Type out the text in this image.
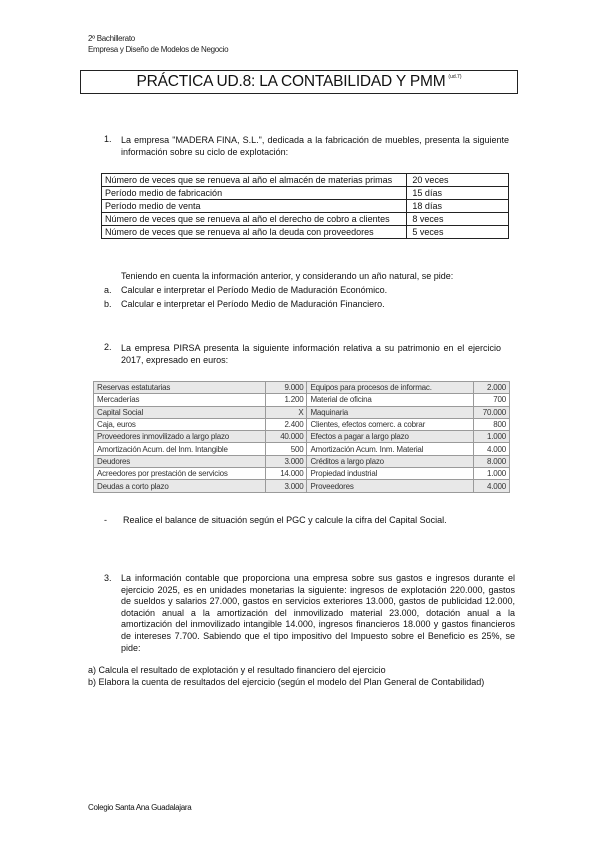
2º Bachillerato
Empresa y Diseño de Modelos de Negocio
PRÁCTICA UD.8: LA CONTABILIDAD Y PMM $^{(ud.7)}$
1. La empresa "MADERA FINA, S.L.", dedicada a la fabricación de muebles, presenta la siguiente información sobre su ciclo de explotación:
Número de veces que se renueva al año el almacén de materias primas	20 veces
Período medio de fabricación	15 días
Período medio de venta	18 días
Número de veces que se renueva al año el derecho de cobro a clientes	8 veces
Número de veces que se renueva al año la deuda con proveedores	5 veces
Teniendo en cuenta la información anterior, y considerando un año natural, se pide:
a. Calcular e interpretar el Período Medio de Maduración Económico.
b. Calcular e interpretar el Período Medio de Maduración Financiero.
2. La empresa PIRSA presenta la siguiente información relativa a su patrimonio en el ejercicio 2017, expresado en euros:
Reservas estatutarias	9.000	Equipos para procesos de informac.	2.000
Mercaderías	1.200	Material de oficina	700
Capital Social	X	Maquinaria	70.000
Caja, euros	2.400	Clientes, efectos comerc. a cobrar	800
Proveedores inmovilizado a largo plazo	40.000	Efectos a pagar a largo plazo	1.000
Amortización Acum. del Inm. Intangible	500	Amortización Acum. Inm. Material	4.000
Deudores	3.000	Créditos a largo plazo	8.000
Acreedores por prestación de servicios	14.000	Propiedad industrial	1.000
Deudas a corto plazo	3.000	Proveedores	4.000
- Realice el balance de situación según el PGC y calcule la cifra del Capital Social.
3. La información contable que proporciona una empresa sobre sus gastos e ingresos durante el ejercicio 2025, es en unidades monetarias la siguiente: ingresos de explotación 220.000, gastos de sueldos y salarios 27.000, gastos en servicios exteriores 13.000, gastos de publicidad 12.000, dotación anual a la amortización del inmovilizado material 23.000, dotación anual a la amortización del inmovilizado intangible 14.000, ingresos financieros 18.000 y gastos financieros de intereses 7.700. Sabiendo que el tipo impositivo del Impuesto sobre el Beneficio es 25%, se pide:
a) Calcula el resultado de explotación y el resultado financiero del ejercicio
b) Elabora la cuenta de resultados del ejercicio (según el modelo del Plan General de Contabilidad)
Colegio Santa Ana Guadalajara
